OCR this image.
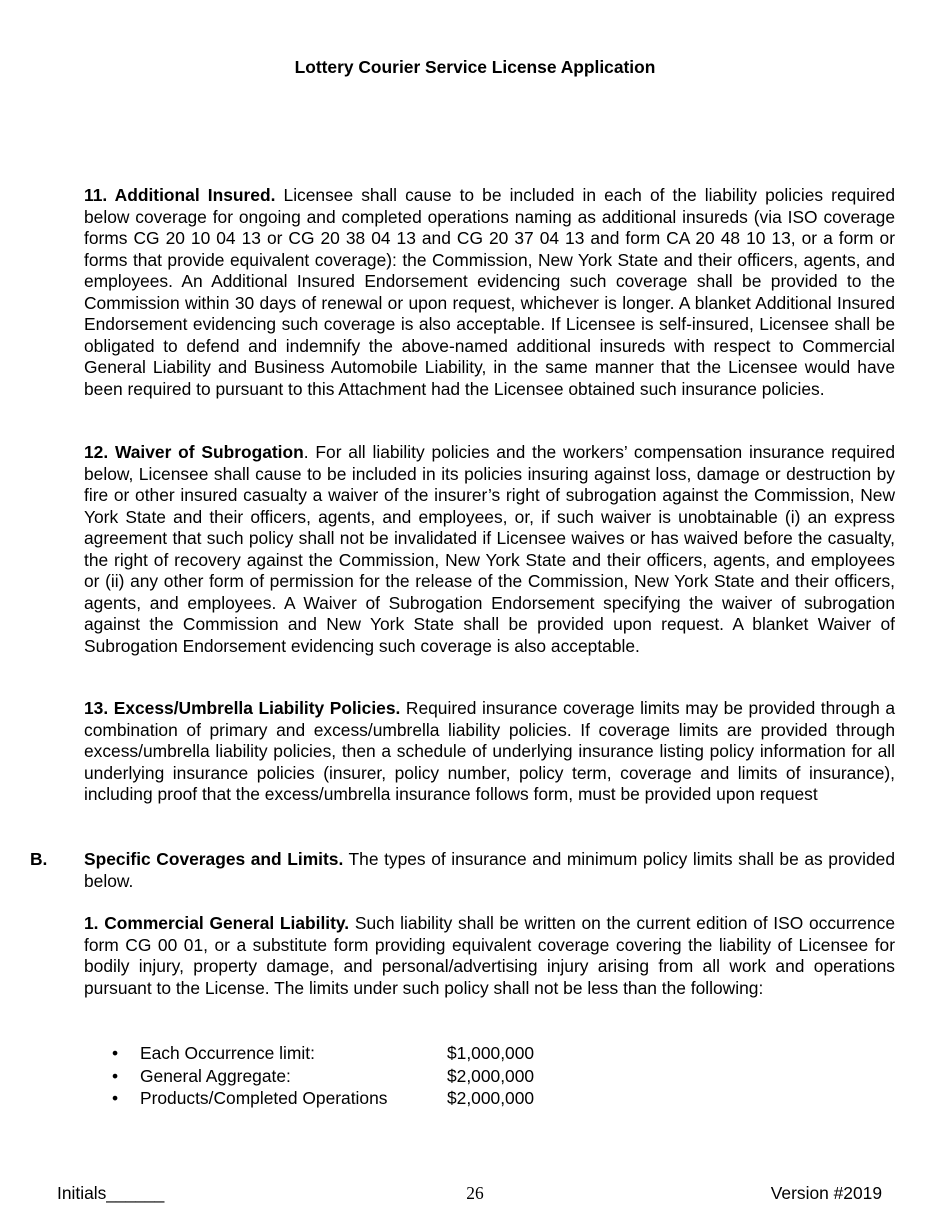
Lottery Courier Service License Application

11. Additional Insured. Licensee shall cause to be included in each of the liability policies required below coverage for ongoing and completed operations naming as additional insureds (via ISO coverage forms CG 20 10 04 13 or CG 20 38 04 13 and CG 20 37 04 13 and form CA 20 48 10 13, or a form or forms that provide equivalent coverage): the Commission, New York State and their officers, agents, and employees. An Additional Insured Endorsement evidencing such coverage shall be provided to the Commission within 30 days of renewal or upon request, whichever is longer. A blanket Additional Insured Endorsement evidencing such coverage is also acceptable. If Licensee is self-insured, Licensee shall be obligated to defend and indemnify the above-named additional insureds with respect to Commercial General Liability and Business Automobile Liability, in the same manner that the Licensee would have been required to pursuant to this Attachment had the Licensee obtained such insurance policies.

12. Waiver of Subrogation. For all liability policies and the workers’ compensation insurance required below, Licensee shall cause to be included in its policies insuring against loss, damage or destruction by fire or other insured casualty a waiver of the insurer’s right of subrogation against the Commission, New York State and their officers, agents, and employees, or, if such waiver is unobtainable (i) an express agreement that such policy shall not be invalidated if Licensee waives or has waived before the casualty, the right of recovery against the Commission, New York State and their officers, agents, and employees or (ii) any other form of permission for the release of the Commission, New York State and their officers, agents, and employees. A Waiver of Subrogation Endorsement specifying the waiver of subrogation against the Commission and New York State shall be provided upon request. A blanket Waiver of Subrogation Endorsement evidencing such coverage is also acceptable.

13. Excess/Umbrella Liability Policies. Required insurance coverage limits may be provided through a combination of primary and excess/umbrella liability policies. If coverage limits are provided through excess/umbrella liability policies, then a schedule of underlying insurance listing policy information for all underlying insurance policies (insurer, policy number, policy term, coverage and limits of insurance), including proof that the excess/umbrella insurance follows form, must be provided upon request

B. Specific Coverages and Limits. The types of insurance and minimum policy limits shall be as provided below.

1. Commercial General Liability. Such liability shall be written on the current edition of ISO occurrence form CG 00 01, or a substitute form providing equivalent coverage covering the liability of Licensee for bodily injury, property damage, and personal/advertising injury arising from all work and operations pursuant to the License. The limits under such policy shall not be less than the following:

• Each Occurrence limit:	$1,000,000
• General Aggregate:	$2,000,000
• Products/Completed Operations	$2,000,000
Initials______	26	Version #2019
